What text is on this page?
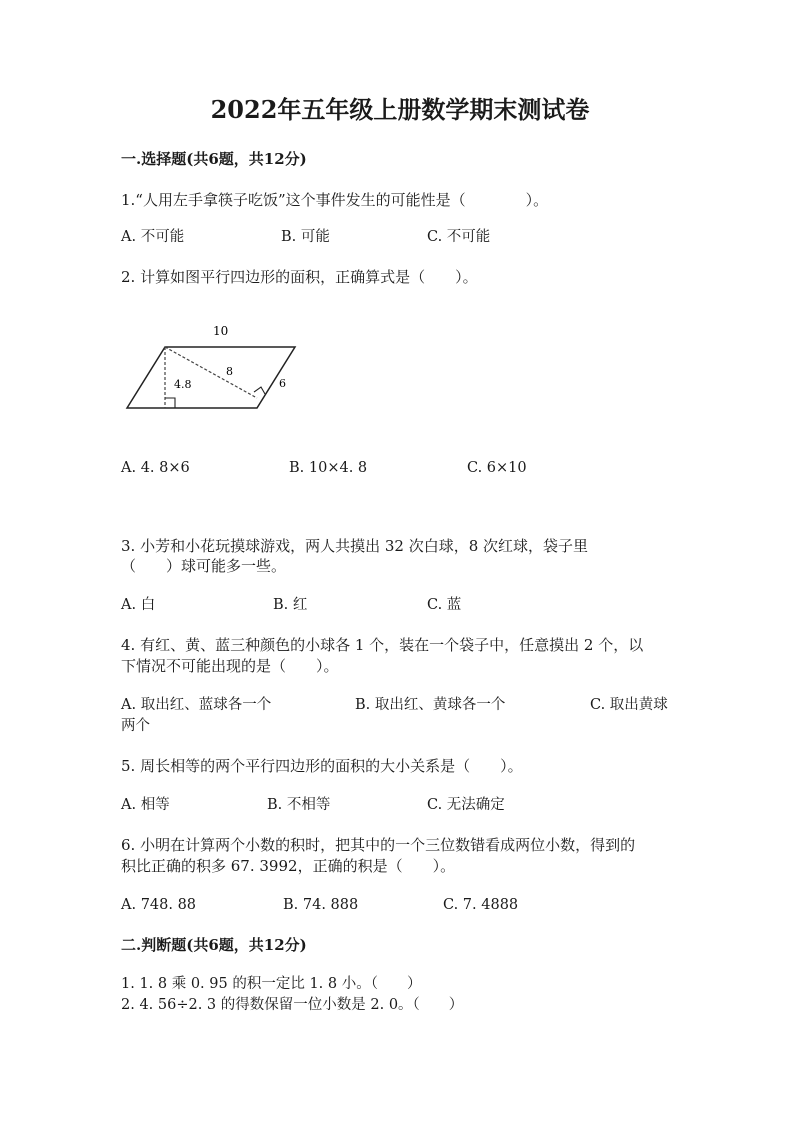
2022年五年级上册数学期末测试卷
一.选择题(共6题，共12分)
1.“人用左手拿筷子吃饭”这个事件发生的可能性是（　　　　）。
A. 不可能	B. 可能	C. 不可能
2. 计算如图平行四边形的面积，正确算式是（　　）。
10
8
4.8	6
A. 4. 8×6	B. 10×4. 8	C. 6×10
3. 小芳和小花玩摸球游戏，两人共摸出 32 次白球，8 次红球，袋子里
（　　）球可能多一些。
A. 白	B. 红	C. 蓝
4. 有红、黄、蓝三种颜色的小球各 1 个，装在一个袋子中，任意摸出 2 个，以
下情况不可能出现的是（　　）。
A. 取出红、蓝球各一个	B. 取出红、黄球各一个	C. 取出黄球
两个
5. 周长相等的两个平行四边形的面积的大小关系是（　　）。
A. 相等	B. 不相等	C. 无法确定
6. 小明在计算两个小数的积时，把其中的一个三位数错看成两位小数，得到的
积比正确的积多 67. 3992，正确的积是（　　）。
A. 748. 88	B. 74. 888	C. 7. 4888
二.判断题(共6题，共12分)
1. 1. 8 乘 0. 95 的积一定比 1. 8 小。（　　）
2. 4. 56÷2. 3 的得数保留一位小数是 2. 0。（　　）
